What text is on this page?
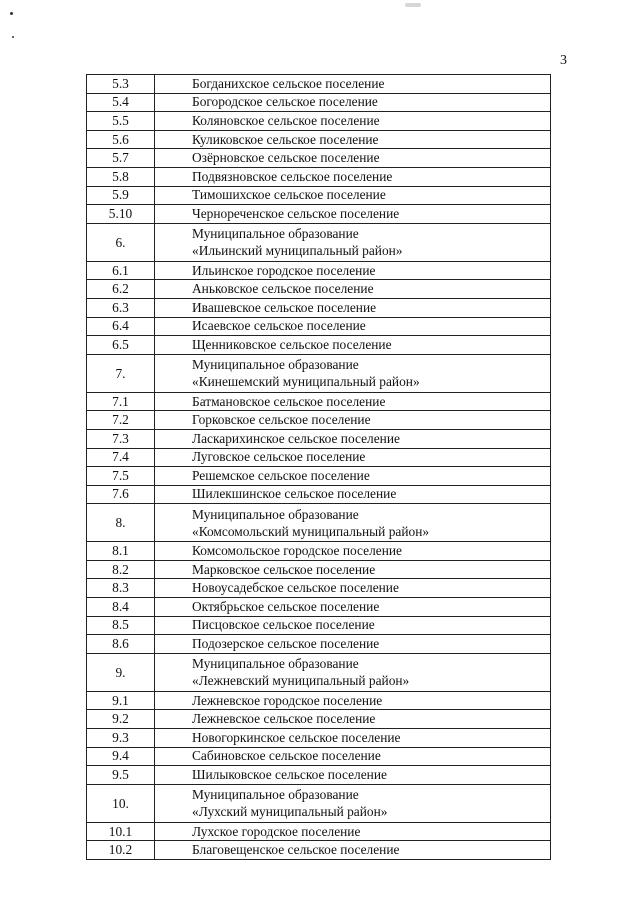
3
5.3	Богданихское сельское поселение

5.4	Богородское сельское поселение

5.5	Коляновское сельское поселение

5.6	Куликовское сельское поселение

5.7	Озёрновское сельское поселение

5.8	Подвязновское сельское поселение

5.9	Тимошихское сельское поселение

5.10	Чернореченское сельское поселение

6.	Муниципальное образование
«Ильинский муниципальный район»

6.1	Ильинское городское поселение

6.2	Аньковское сельское поселение

6.3	Ивашевское сельское поселение

6.4	Исаевское сельское поселение

6.5	Щенниковское сельское поселение

7.	Муниципальное образование
«Кинешемский муниципальный район»

7.1	Батмановское сельское поселение

7.2	Горковское сельское поселение

7.3	Ласкарихинское сельское поселение

7.4	Луговское сельское поселение

7.5	Решемское сельское поселение

7.6	Шилекшинское сельское поселение

8.	Муниципальное образование
«Комсомольский муниципальный район»

8.1	Комсомольское городское поселение

8.2	Марковское сельское поселение

8.3	Новоусадебское сельское поселение

8.4	Октябрьское сельское поселение

8.5	Писцовское сельское поселение

8.6	Подозерское сельское поселение

9.	Муниципальное образование
«Лежневский муниципальный район»

9.1	Лежневское городское поселение

9.2	Лежневское сельское поселение

9.3	Новогоркинское сельское поселение

9.4	Сабиновское сельское поселение

9.5	Шилыковское сельское поселение

10.	Муниципальное образование
«Лухский муниципальный район»

10.1	Лухское городское поселение

10.2	Благовещенское сельское поселение
